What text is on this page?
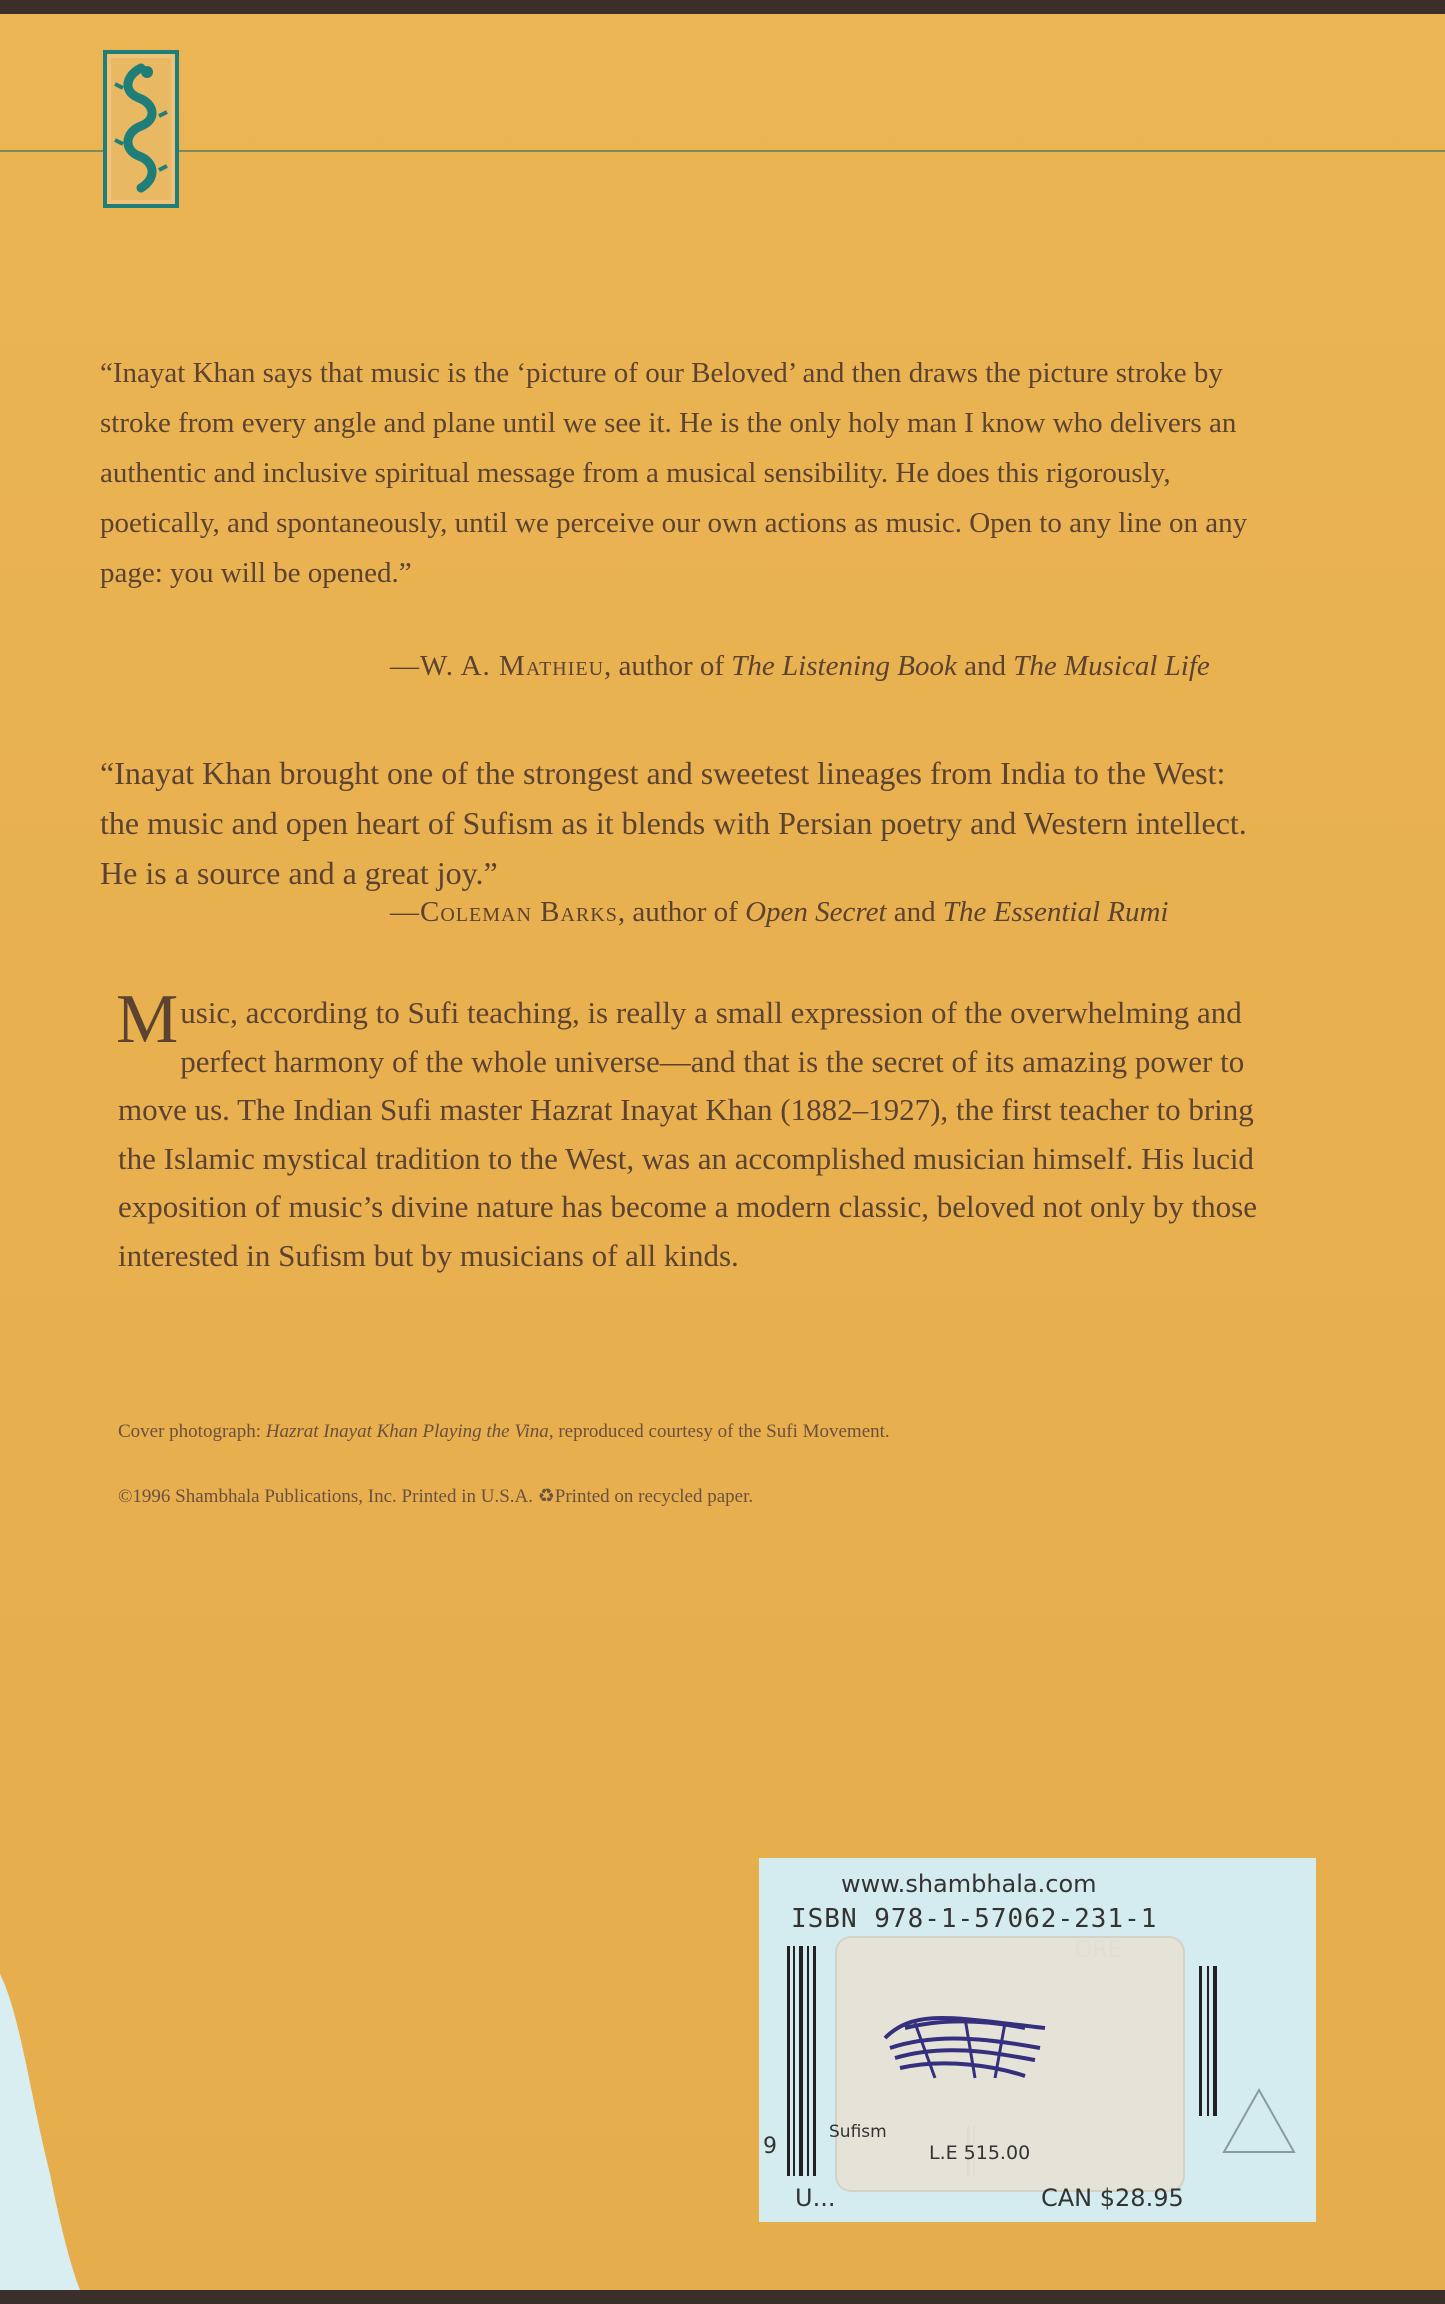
“Inayat Khan says that music is the ‘picture of our Beloved’ and then draws the picture stroke by stroke from every angle and plane until we see it. He is the only holy man I know who delivers an authentic and inclusive spiritual message from a musical sensibility. He does this rigorously, poetically, and spontaneously, until we perceive our own actions as music. Open to any line on any page: you will be opened.”
—W. A. Mathieu, author of The Listening Book and The Musical Life
“Inayat Khan brought one of the strongest and sweetest lineages from India to the West: the music and open heart of Sufism as it blends with Persian poetry and Western intellect. He is a source and a great joy.”
—Coleman Barks, author of Open Secret and The Essential Rumi
Music, according to Sufi teaching, is really a small expression of the overwhelming and perfect harmony of the whole universe—and that is the secret of its amazing power to move us. The Indian Sufi master Hazrat Inayat Khan (1882–1927), the first teacher to bring the Islamic mystical tradition to the West, was an accomplished musician himself. His lucid exposition of music’s divine nature has become a modern classic, beloved not only by those interested in Sufism but by musicians of all kinds.
Cover photograph: Hazrat Inayat Khan Playing the Vina, reproduced courtesy of the Sufi Movement.
©1996 Shambhala Publications, Inc. Printed in U.S.A. ♻Printed on recycled paper.
www.shambhala.com
ISBN 978-1-57062-231-1
9
Sufism
L.E 515.00
U...	CAN $28.95
